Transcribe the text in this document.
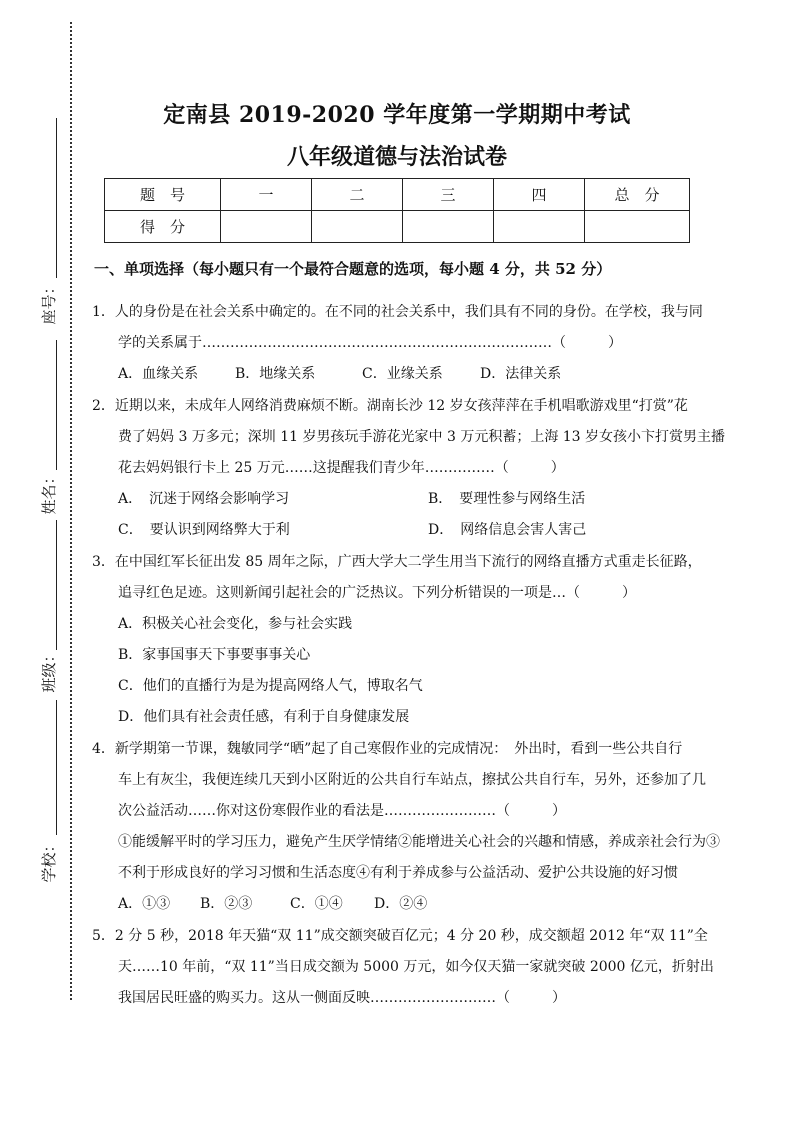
座号：
姓名：
班级：
学校：
定南县 2019-2020 学年度第一学期期中考试
八年级道德与法治试卷
题　号	一	二	三	四	总　分
得　分					
一、单项选择（每小题只有一个最符合题意的选项，每小题 4 分，共 52 分）
1．人的身份是在社会关系中确定的。在不同的社会关系中，我们具有不同的身份。在学校，我与同
学的关系属于…………………………………………………………………（　　　）
A．血缘关系	B．地缘关系	C．业缘关系	D．法律关系
2．近期以来，未成年人网络消费麻烦不断。湖南长沙 12 岁女孩萍萍在手机唱歌游戏里“打赏”花
费了妈妈 3 万多元；深圳 11 岁男孩玩手游花光家中 3 万元积蓄；上海 13 岁女孩小卞打赏男主播
花去妈妈银行卡上 25 万元……这提醒我们青少年……………（　　　）
A．　沉迷于网络会影响学习	B．　要理性参与网络生活
C．　要认识到网络弊大于利	D．　网络信息会害人害己
3．在中国红军长征出发 85 周年之际，广西大学大二学生用当下流行的网络直播方式重走长征路，
追寻红色足迹。这则新闻引起社会的广泛热议。下列分析错误的一项是…（　　　）
A．积极关心社会变化，参与社会实践
B．家事国事天下事要事事关心
C．他们的直播行为是为提高网络人气，博取名气
D．他们具有社会责任感，有利于自身健康发展
4．新学期第一节课，魏敏同学“晒”起了自己寒假作业的完成情况：　外出时，看到一些公共自行
车上有灰尘，我便连续几天到小区附近的公共自行车站点，擦拭公共自行车，另外，还参加了几
次公益活动……你对这份寒假作业的看法是……………………（　　　）
①能缓解平时的学习压力，避免产生厌学情绪②能增进关心社会的兴趣和情感，养成亲社会行为③
不利于形成良好的学习习惯和生活态度④有利于养成参与公益活动、爱护公共设施的好习惯
A．①③ B．②③	C．①④ D．②④
5．2 分 5 秒，2018 年天猫“双 11”成交额突破百亿元；4 分 20 秒，成交额超 2012 年“双 11”全
天……10 年前，“双 11”当日成交额为 5000 万元，如今仅天猫一家就突破 2000 亿元，折射出
我国居民旺盛的购买力。这从一侧面反映………………………（　　　）
